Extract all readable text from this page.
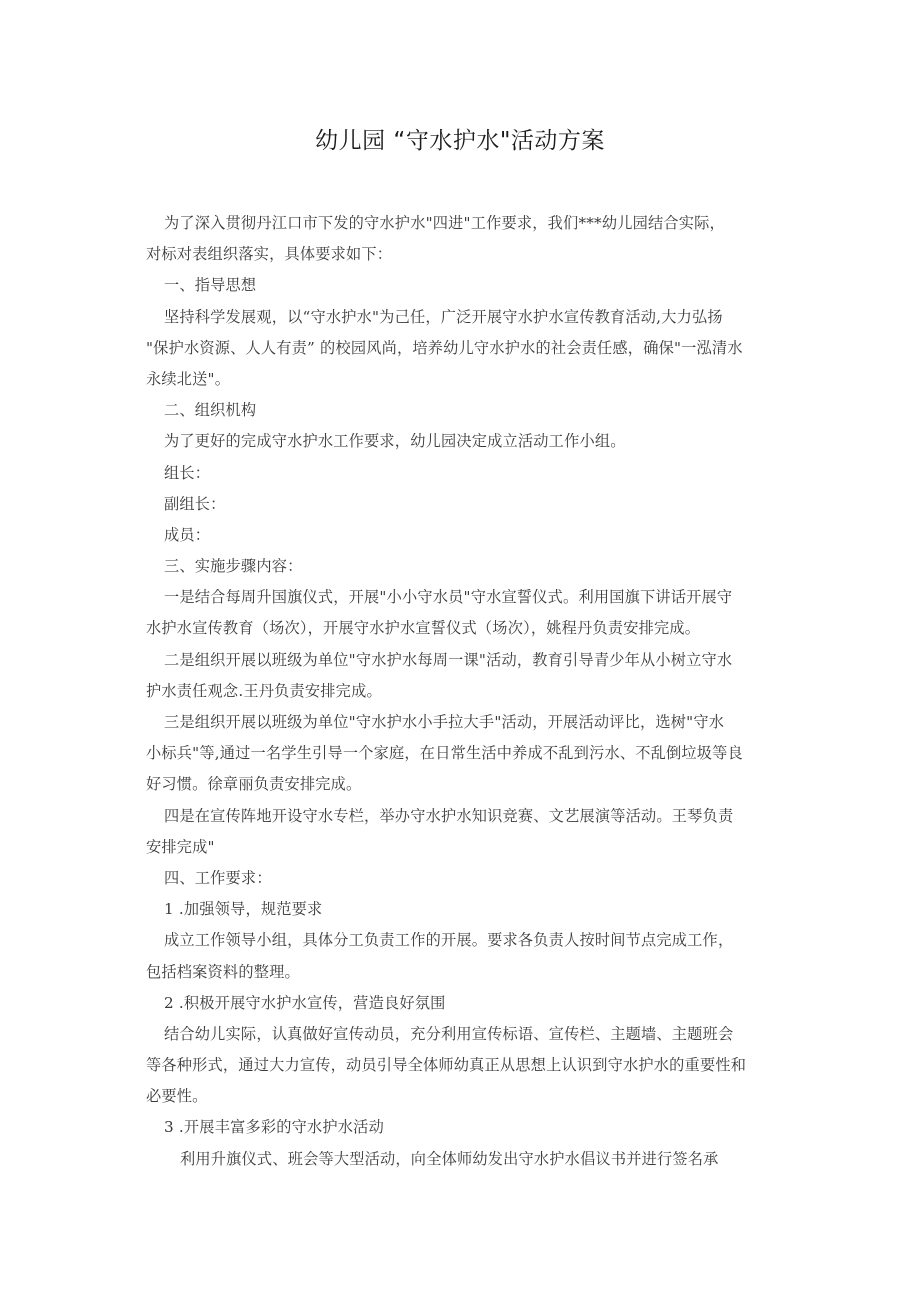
幼儿园 “守水护水"活动方案
为了深入贯彻丹江口市下发的守水护水"四进"工作要求，我们***幼儿园结合实际，
对标对表组织落实，具体要求如下：
一、指导思想
坚持科学发展观，以“守水护水"为己任，广泛开展守水护水宣传教育活动,大力弘扬
"保护水资源、人人有责” 的校园风尚，培养幼儿守水护水的社会责任感，确保"一泓清水
永续北送"。
二、组织机构
为了更好的完成守水护水工作要求，幼儿园决定成立活动工作小组。
组长：
副组长：
成员：
三、实施步骤内容：
一是结合每周升国旗仪式，开展"小小守水员"守水宣誓仪式。利用国旗下讲话开展守
水护水宣传教育（场次），开展守水护水宣誓仪式（场次），姚程丹负责安排完成。
二是组织开展以班级为单位"守水护水每周一课"活动，教育引导青少年从小树立守水
护水责任观念.王丹负责安排完成。
三是组织开展以班级为单位"守水护水小手拉大手"活动，开展活动评比，选树"守水
小标兵"等,通过一名学生引导一个家庭，在日常生活中养成不乱到污水、不乱倒垃圾等良
好习惯。徐章丽负责安排完成。
四是在宣传阵地开设守水专栏，举办守水护水知识竞赛、文艺展演等活动。王琴负责
安排完成"
四、工作要求：
1 .加强领导，规范要求
成立工作领导小组，具体分工负责工作的开展。要求各负责人按时间节点完成工作，
包括档案资料的整理。
2 .积极开展守水护水宣传，营造良好氛围
结合幼儿实际，认真做好宣传动员，充分利用宣传标语、宣传栏、主题墙、主题班会
等各种形式，通过大力宣传，动员引导全体师幼真正从思想上认识到守水护水的重要性和
必要性。
3 .开展丰富多彩的守水护水活动
利用升旗仪式、班会等大型活动，向全体师幼发出守水护水倡议书并进行签名承
